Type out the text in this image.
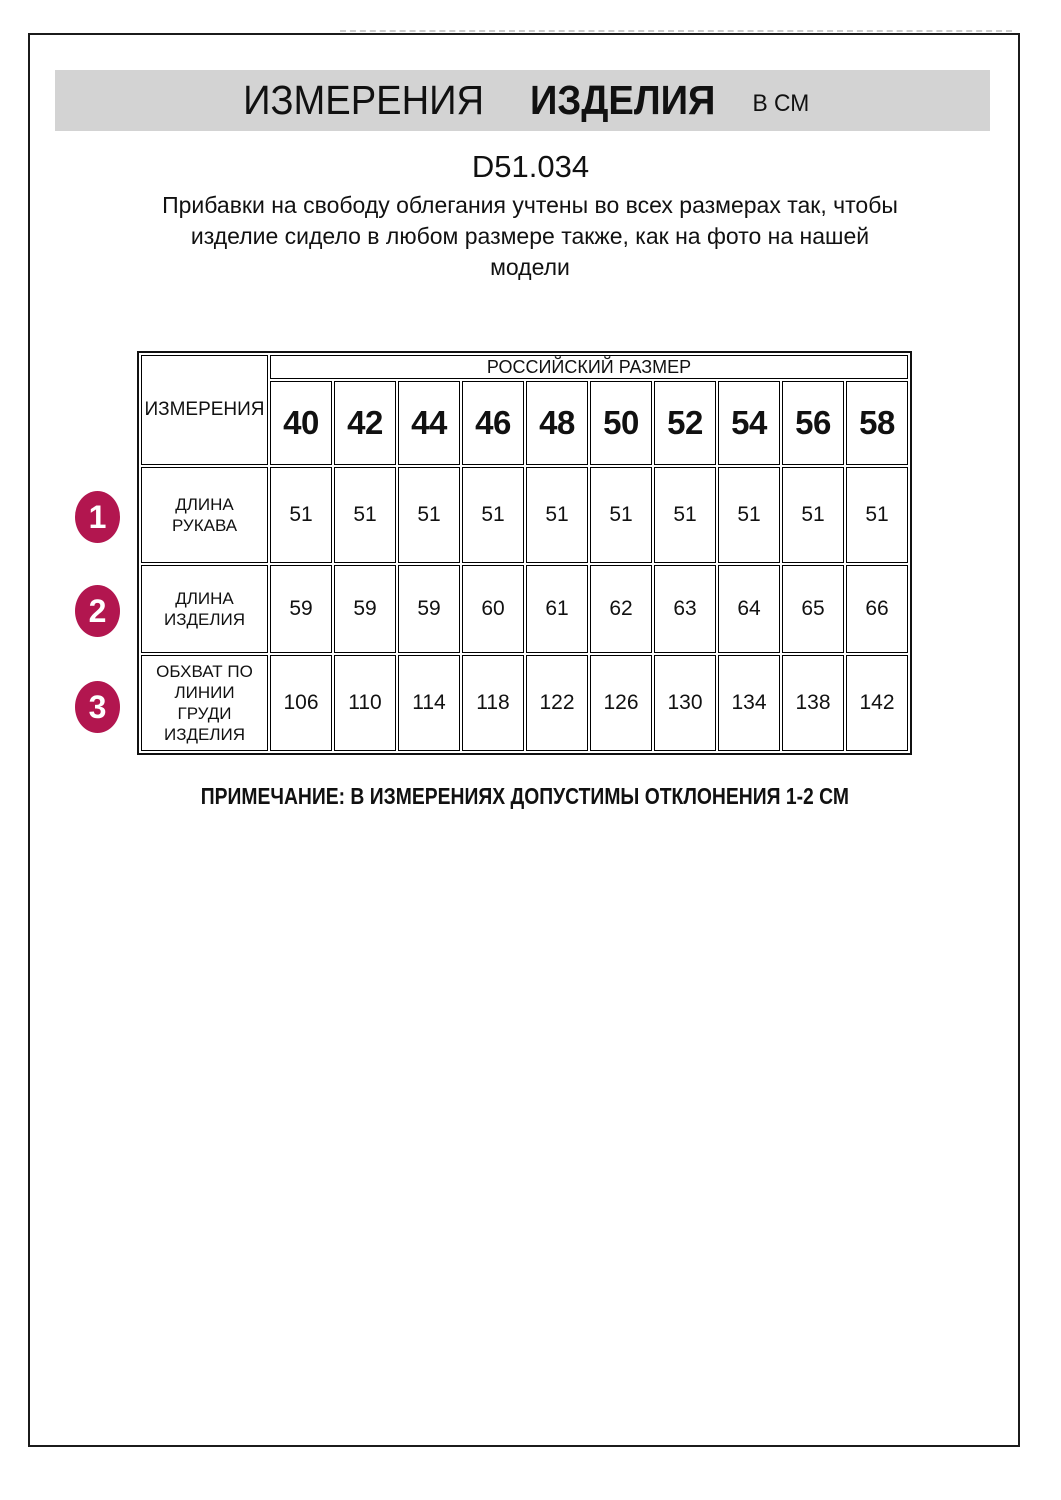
ИЗМЕРЕНИЯ ИЗДЕЛИЯ В СМ
D51.034
Прибавки на свободу облегания учтены во всех размерах так, чтобы
изделие сидело в любом размере также, как на фото на нашей
модели
ИЗМЕРЕНИЯ	РОССИЙСКИЙ РАЗМЕР									
	40	42	44	46	48	50	52	54	56	58

ДЛИНА
РУКАВА	51	51	51	51	51	51	51	51	51	51

ДЛИНА
ИЗДЕЛИЯ	59	59	59	60	61	62	63	64	65	66

ОБХВАТ ПО
ЛИНИИ
ГРУДИ
ИЗДЕЛИЯ	106	110	114	118	122	126	130	134	138	142
1
2
3
ПРИМЕЧАНИЕ: В ИЗМЕРЕНИЯХ ДОПУСТИМЫ ОТКЛОНЕНИЯ 1-2 СМ
